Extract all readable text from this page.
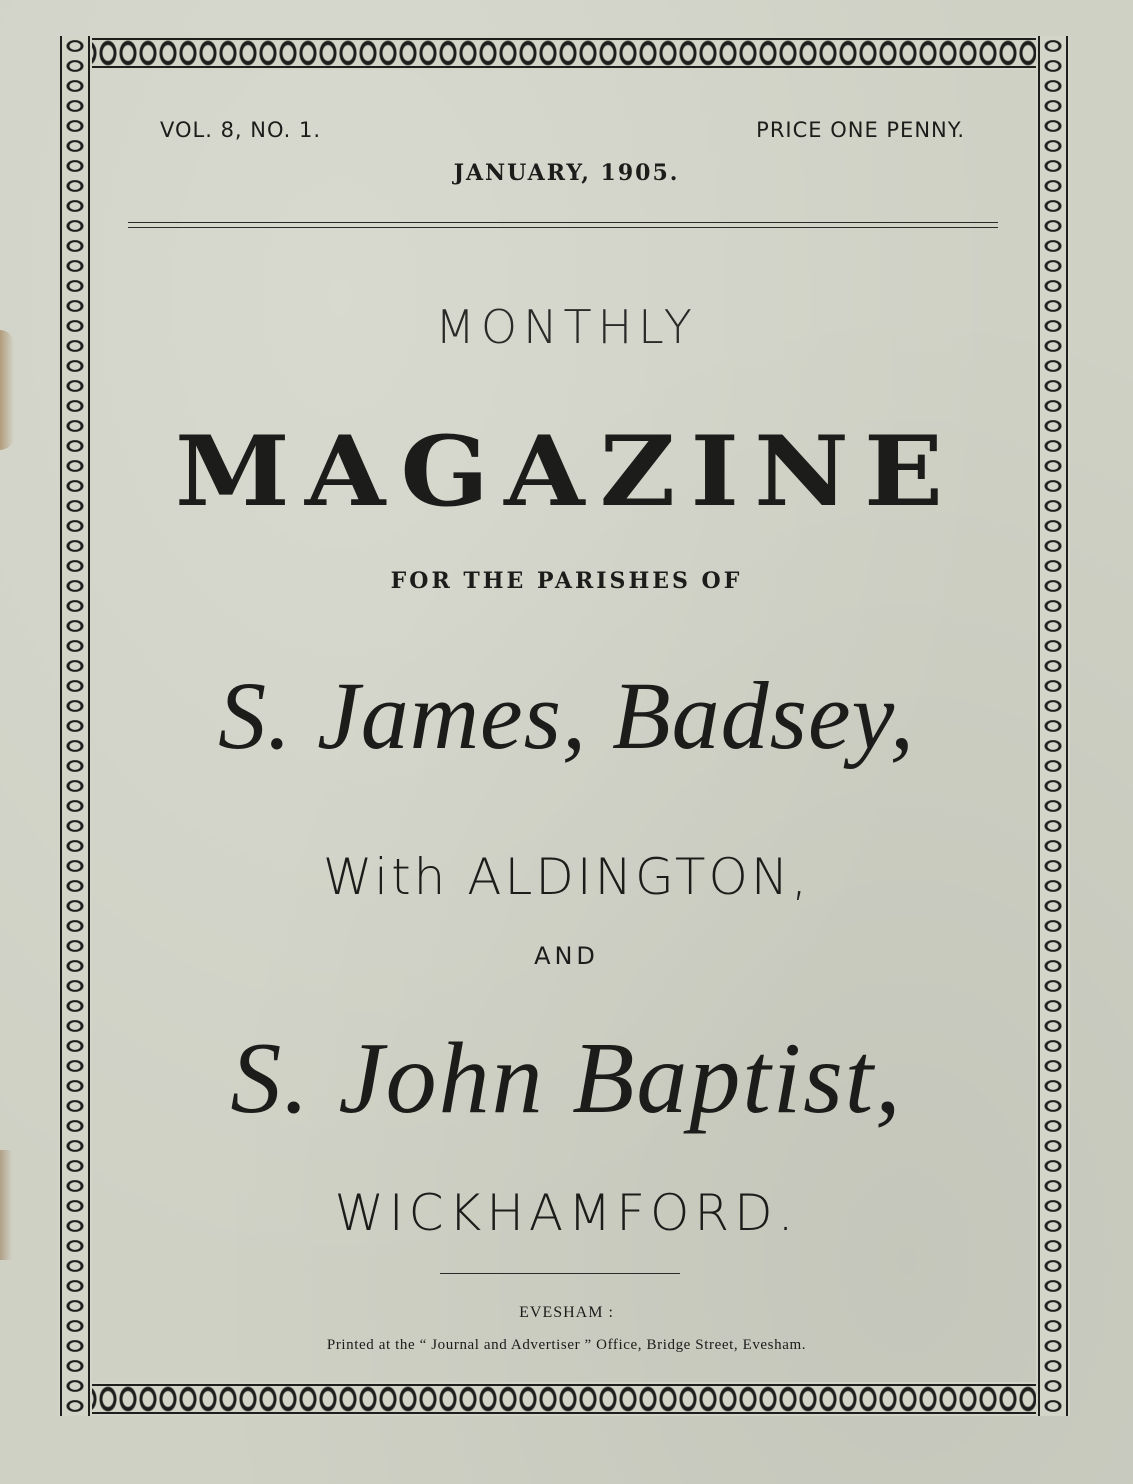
VOL. 8, NO. 1.	PRICE ONE PENNY.
JANUARY, 1905.
MONTHLY
MAGAZINE
FOR THE PARISHES OF
S. James, Badsey,
With ALDINGTON,
AND
S. John Baptist,
WICKHAMFORD.
EVESHAM :
Printed at the “ Journal and Advertiser ” Office, Bridge Street, Evesham.
